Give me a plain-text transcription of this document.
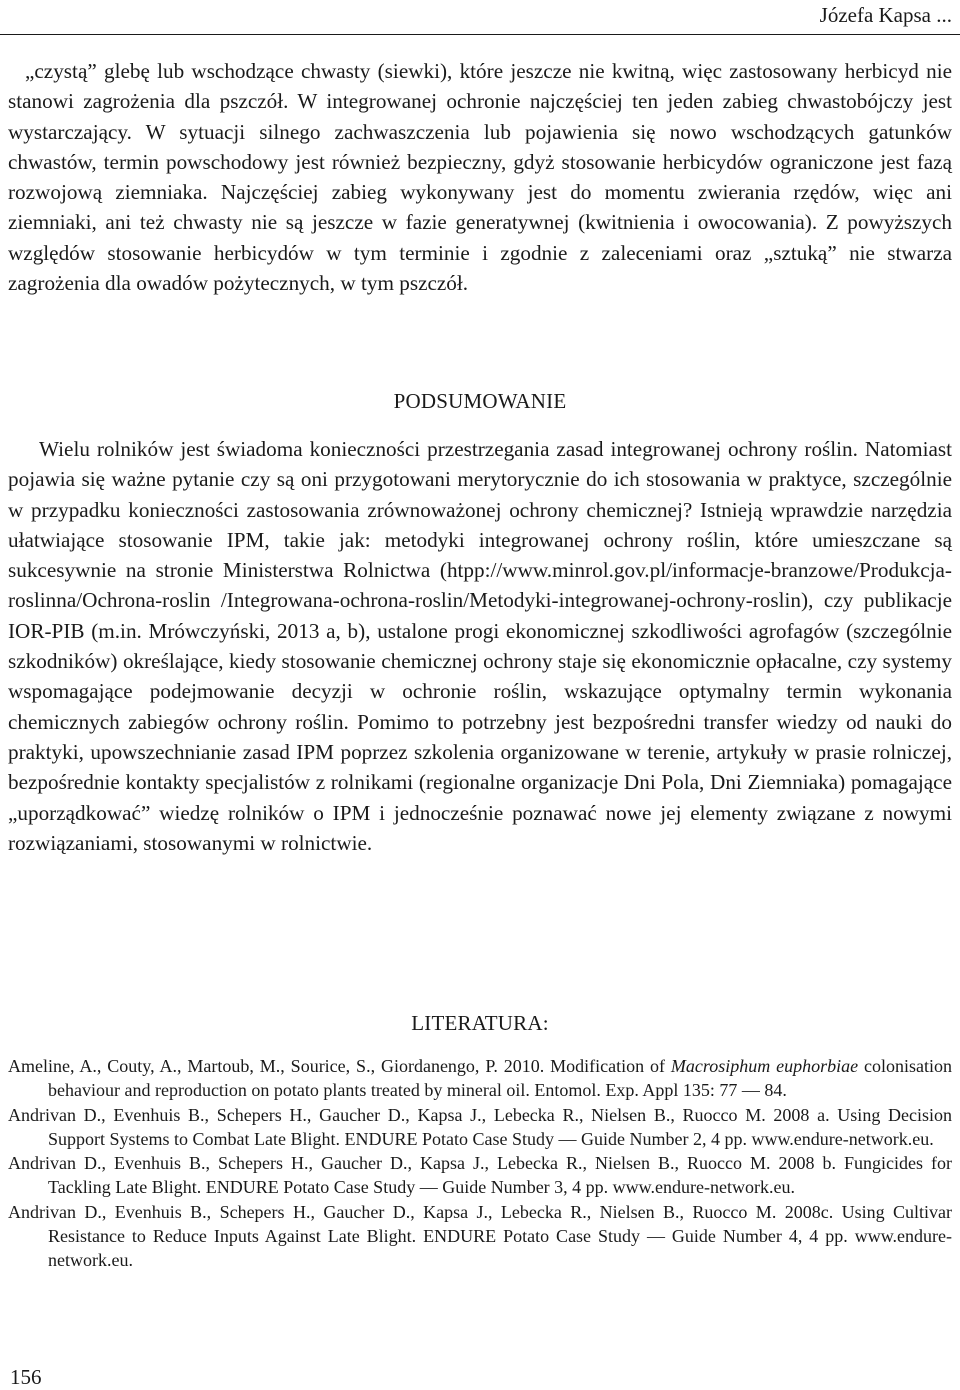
Józefa Kapsa ...

„czystą” glebę lub wschodzące chwasty (siewki), które jeszcze nie kwitną, więc zastosowany herbicyd nie stanowi zagrożenia dla pszczół. W integrowanej ochronie najczęściej ten jeden zabieg chwastobójczy jest wystarczający. W sytuacji silnego zachwaszczenia lub pojawienia się nowo wschodzących gatunków chwastów, termin powschodowy jest również bezpieczny, gdyż stosowanie herbicydów ograniczone jest fazą rozwojową ziemniaka. Najczęściej zabieg wykonywany jest do momentu zwierania rzędów, więc ani ziemniaki, ani też chwasty nie są jeszcze w fazie generatywnej (kwitnienia i owocowania). Z powyższych względów stosowanie herbicydów w tym terminie i zgodnie z zaleceniami oraz „sztuką” nie stwarza zagrożenia dla owadów pożytecznych, w tym pszczół.

PODSUMOWANIE

Wielu rolników jest świadoma konieczności przestrzegania zasad integrowanej ochrony roślin. Natomiast pojawia się ważne pytanie czy są oni przygotowani merytorycznie do ich stosowania w praktyce, szczególnie w przypadku konieczności zastosowania zrównoważonej ochrony chemicznej? Istnieją wprawdzie narzędzia ułatwiające stosowanie IPM, takie jak: metodyki integrowanej ochrony roślin, które umieszczane są sukcesywnie na stronie Ministerstwa Rolnictwa (htpp://www.minrol.gov.pl/informacje-branzowe/Produkcja-roslinna/Ochrona-roslin /Integrowana-ochrona-roslin/Metodyki-integrowanej-ochrony-roslin), czy publikacje IOR-PIB (m.in. Mrówczyński, 2013 a, b), ustalone progi ekonomicznej szkodliwości agrofagów (szczególnie szkodników) określające, kiedy stosowanie chemicznej ochrony staje się ekonomicznie opłacalne, czy systemy wspomagające podejmowanie decyzji w ochronie roślin, wskazujące optymalny termin wykonania chemicznych zabiegów ochrony roślin. Pomimo to potrzebny jest bezpośredni transfer wiedzy od nauki do praktyki, upowszechnianie zasad IPM poprzez szkolenia organizowane w terenie, artykuły w prasie rolniczej, bezpośrednie kontakty specjalistów z rolnikami (regionalne organizacje Dni Pola, Dni Ziemniaka) pomagające „uporządkować” wiedzę rolników o IPM i jednocześnie poznawać nowe jej elementy związane z nowymi rozwiązaniami, stosowanymi w rolnictwie.

LITERATURA:
Ameline, A., Couty, A., Martoub, M., Sourice, S., Giordanengo, P. 2010. Modification of Macrosiphum euphorbiae colonisation behaviour and reproduction on potato plants treated by mineral oil. Entomol. Exp. Appl 135: 77 — 84.
Andrivan D., Evenhuis B., Schepers H., Gaucher D., Kapsa J., Lebecka R., Nielsen B., Ruocco M. 2008 a. Using Decision Support Systems to Combat Late Blight. ENDURE Potato Case Study — Guide Number 2, 4 pp. www.endure-network.eu.
Andrivan D., Evenhuis B., Schepers H., Gaucher D., Kapsa J., Lebecka R., Nielsen B., Ruocco M. 2008 b. Fungicides for Tackling Late Blight. ENDURE Potato Case Study — Guide Number 3, 4 pp. www.endure-network.eu.
Andrivan D., Evenhuis B., Schepers H., Gaucher D., Kapsa J., Lebecka R., Nielsen B., Ruocco M. 2008c. Using Cultivar Resistance to Reduce Inputs Against Late Blight. ENDURE Potato Case Study — Guide Number 4, 4 pp. www.endure-network.eu.
156
